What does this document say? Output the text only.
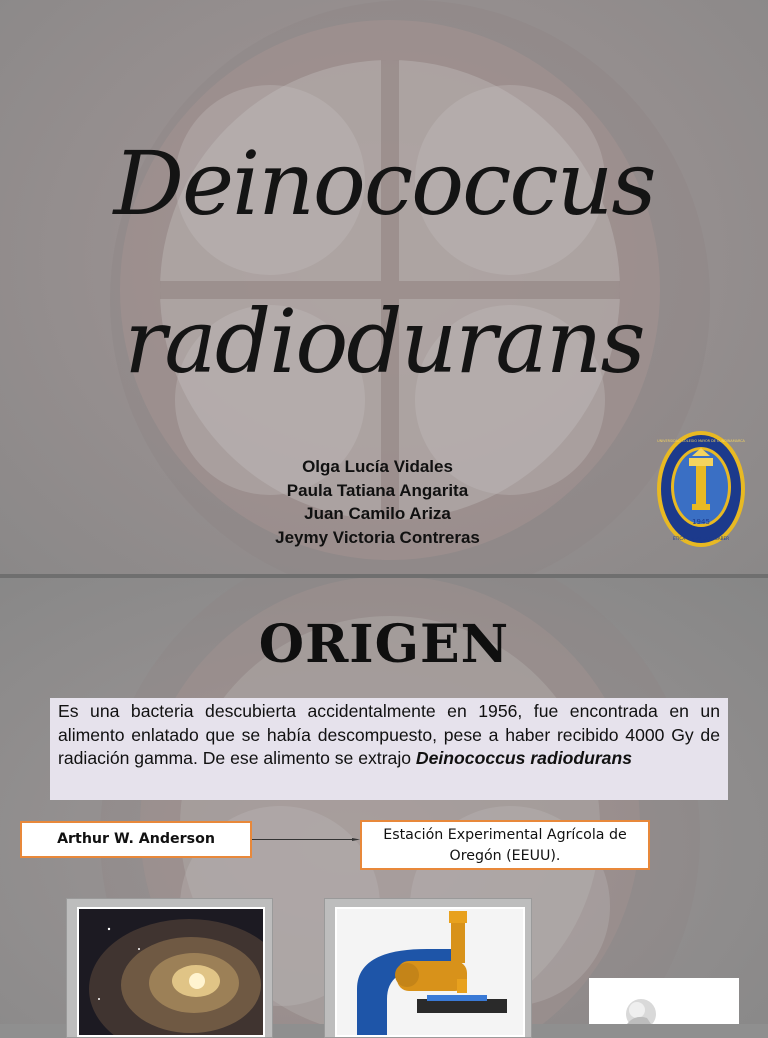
Deinococcus
radiodurans
Olga Lucía Vidales
Paula Tatiana Angarita
Juan Camilo Ariza
Jeymy Victoria Contreras
1945
ETICA • SERVICIO • SABER
UNIVERSIDAD COLEGIO MAYOR DE CUNDINAMARCA
ORIGEN
Es una bacteria descubierta accidentalmente en 1956, fue encontrada en un alimento enlatado que se había descompuesto, pese a haber recibido 4000 Gy de radiación gamma. De ese alimento se extrajo Deinococcus radiodurans
Arthur W. Anderson	Estación Experimental Agrícola de Oregón (EEUU).
